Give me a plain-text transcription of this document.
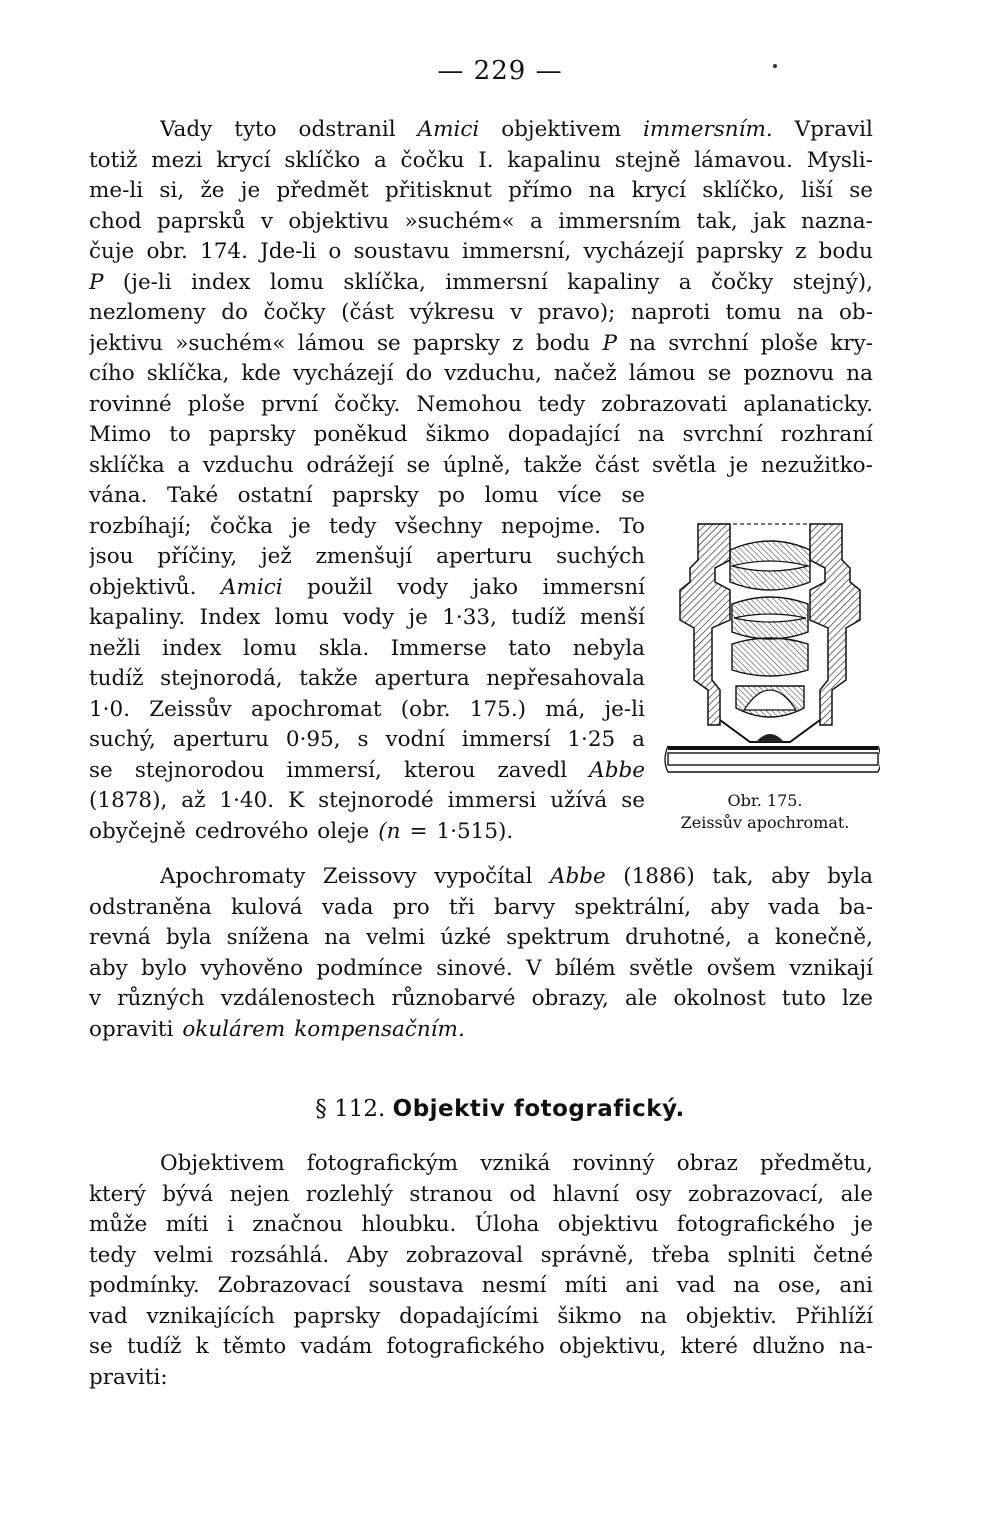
— 229 —
Vady tyto odstranil Amici objektivem immersním. Vpravil
totiž mezi krycí sklíčko a čočku I. kapalinu stejně lámavou. Mysli-
me-li si, že je předmět přitisknut přímo na krycí sklíčko, liší se
chod paprsků v objektivu »suchém« a immersním tak, jak nazna-
čuje obr. 174. Jde-li o soustavu immersní, vycházejí paprsky z bodu
P (je-li index lomu sklíčka, immersní kapaliny a čočky stejný),
nezlomeny do čočky (část výkresu v pravo); naproti tomu na ob-
jektivu »suchém« lámou se paprsky z bodu P na svrchní ploše kry-
cího sklíčka, kde vycházejí do vzduchu, načež lámou se poznovu na
rovinné ploše první čočky. Nemohou tedy zobrazovati aplanaticky.
Mimo to paprsky poněkud šikmo dopadající na svrchní rozhraní
sklíčka a vzduchu odrážejí se úplně, takže část světla je nezužitko-
vána. Také ostatní paprsky po lomu více se
rozbíhají; čočka je tedy všechny nepojme. To
jsou příčiny, jež zmenšují aperturu suchých
objektivů. Amici použil vody jako immersní
kapaliny. Index lomu vody je 1·33, tudíž menší
nežli index lomu skla. Immerse tato nebyla
tudíž stejnorodá, takže apertura nepřesahovala
1·0. Zeissův apochromat (obr. 175.) má, je-li
suchý, aperturu 0·95, s vodní immersí 1·25 a
se stejnorodou immersí, kterou zavedl Abbe
(1878), až 1·40. K stejnorodé immersi užívá se
obyčejně cedrového oleje (n = 1·515).
Apochromaty Zeissovy vypočítal Abbe (1886) tak, aby byla
odstraněna kulová vada pro tři barvy spektrální, aby vada ba-
revná byla snížena na velmi úzké spektrum druhotné, a konečně,
aby bylo vyhověno podmínce sinové. V bílém světle ovšem vznikají
v různých vzdálenostech různobarvé obrazy, ale okolnost tuto lze
opraviti okulárem kompensačním.
Objektivem fotografickým vzniká rovinný obraz předmětu,
který bývá nejen rozlehlý stranou od hlavní osy zobrazovací, ale
může míti i značnou hloubku. Úloha objektivu fotografického je
tedy velmi rozsáhlá. Aby zobrazoval správně, třeba splniti četné
podmínky. Zobrazovací soustava nesmí míti ani vad na ose, ani
vad vznikajících paprsky dopadajícími šikmo na objektiv. Přihlíží
se tudíž k těmto vadám fotografického objektivu, které dlužno na-
praviti:
§ 112. Objektiv fotografický.
Obr. 175.
Zeissův apochromat.
